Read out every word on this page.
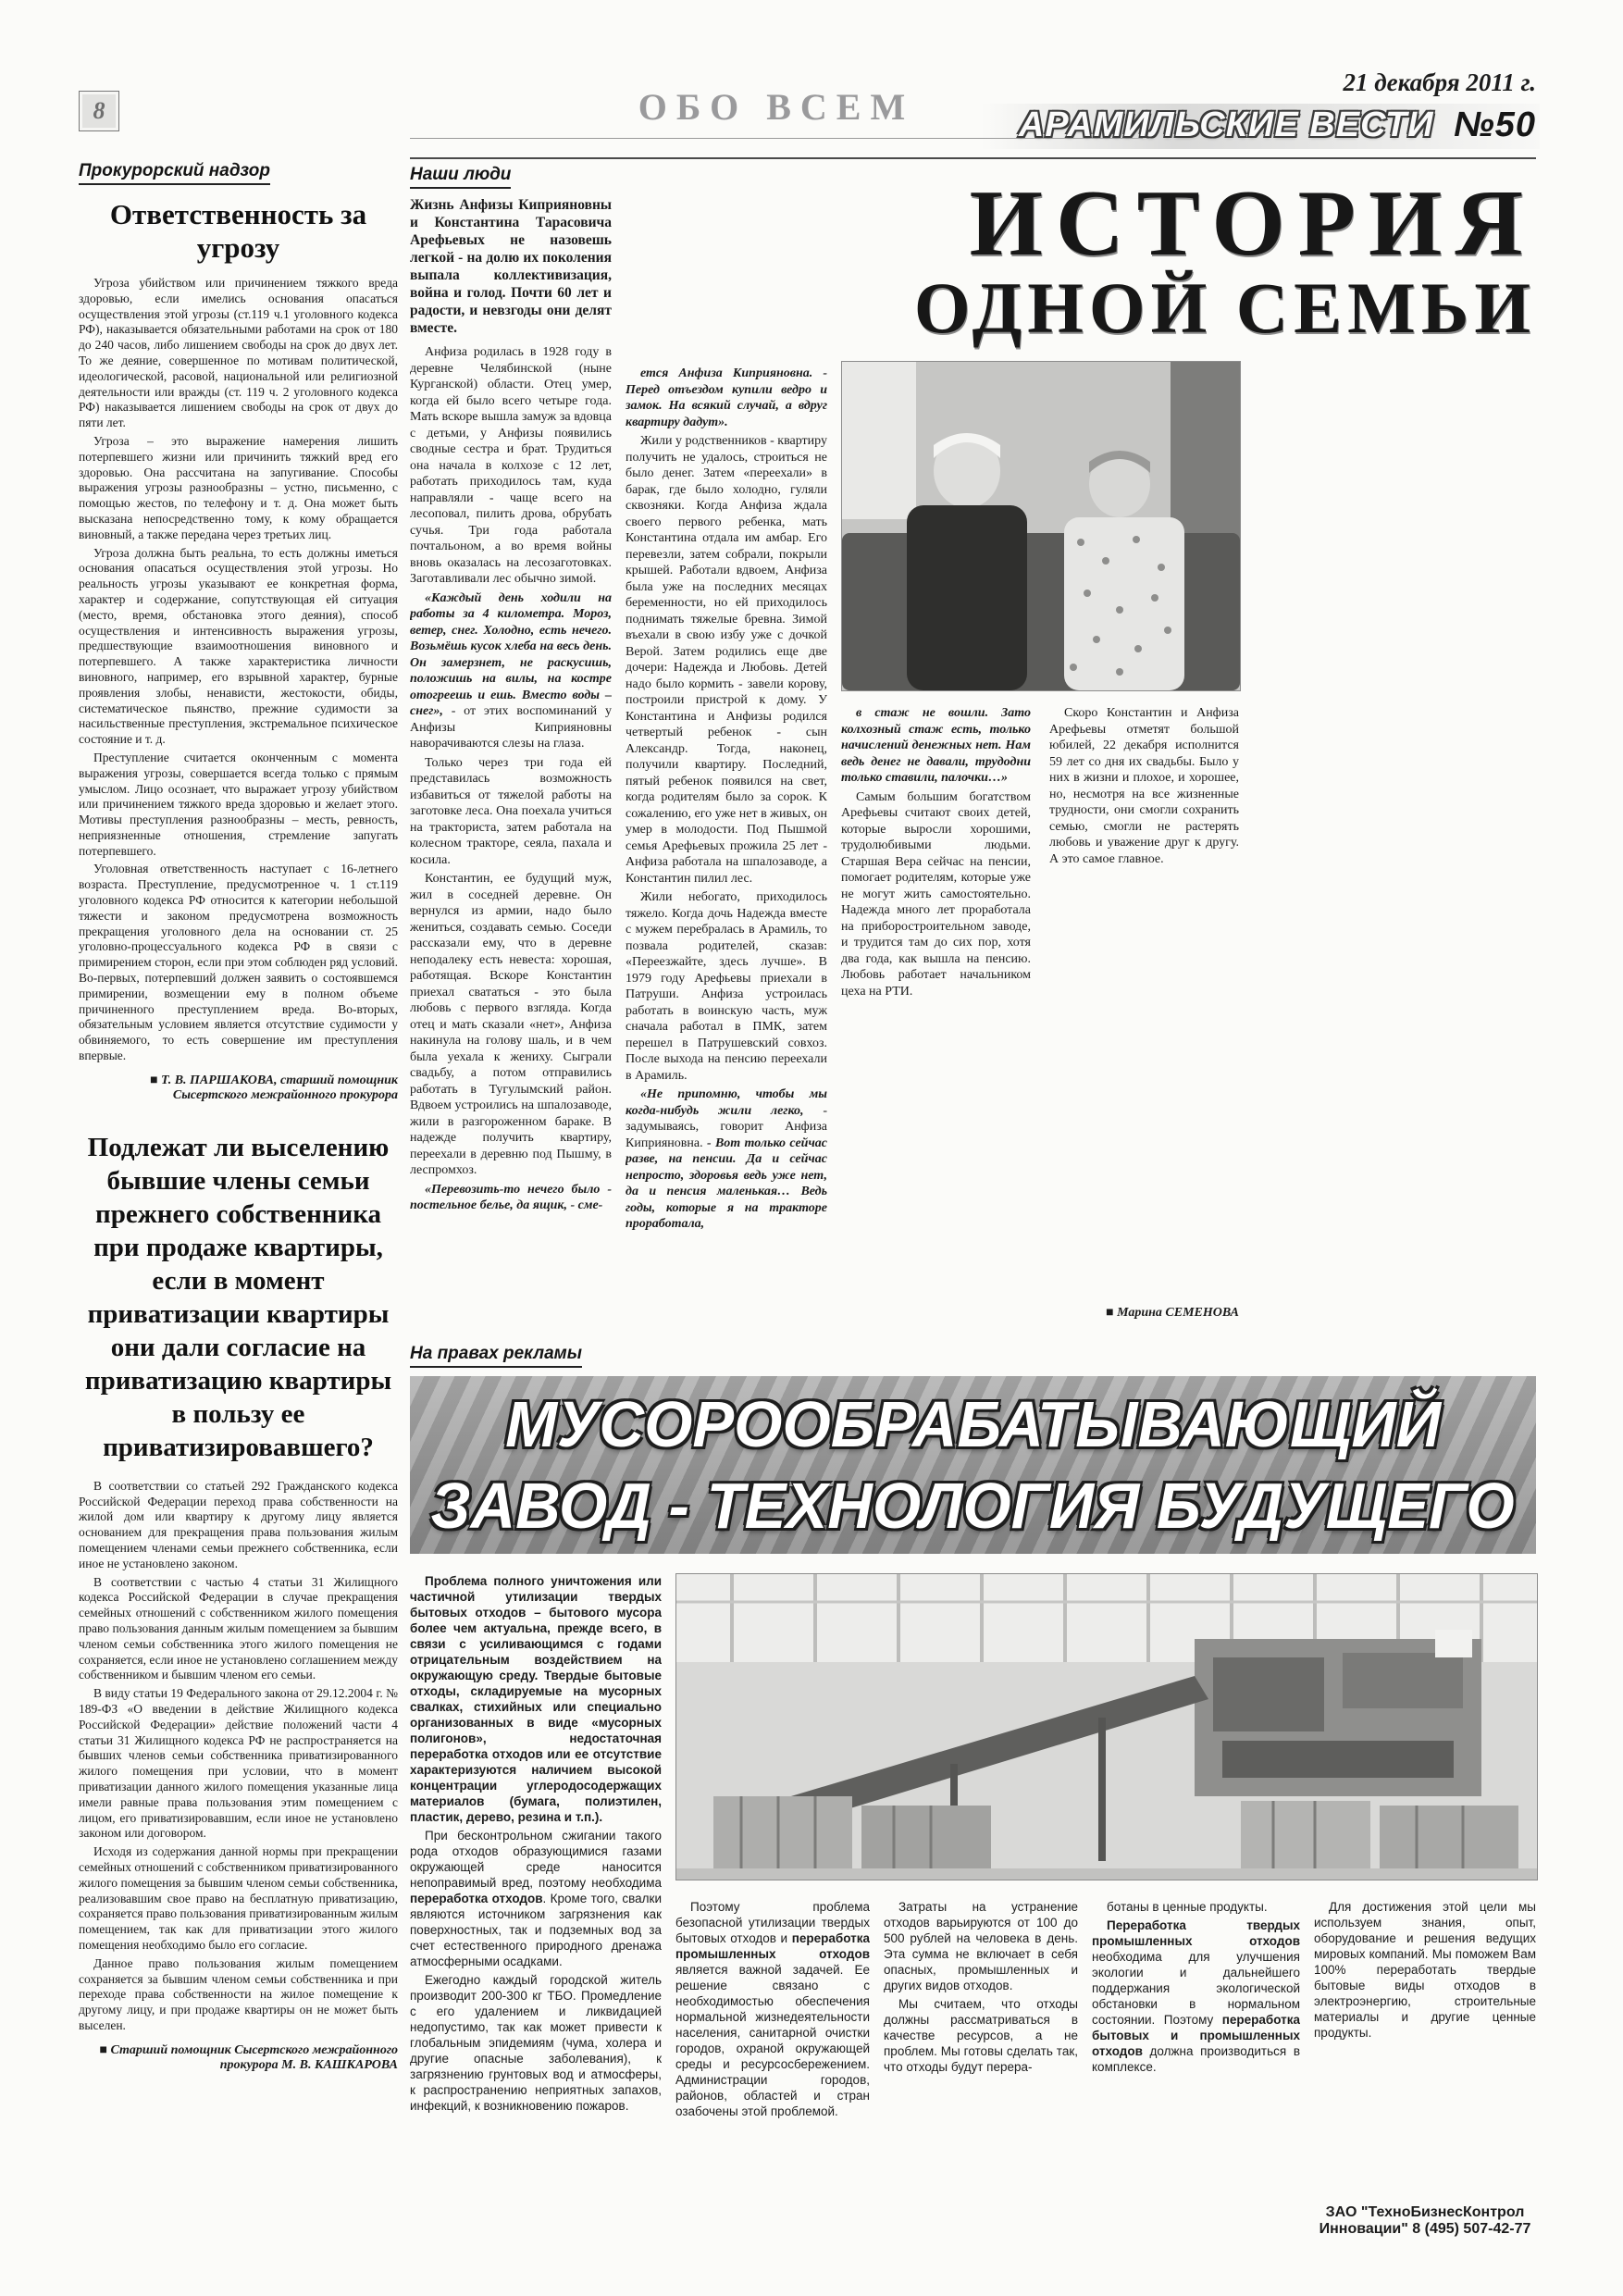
8	ОБО ВСЕМ
21 декабря 2011 г.
АРАМИЛЬСКИЕ ВЕСТИ №50
Прокурорский надзор
Ответственность за угрозу

Угроза убийством или причинением тяжкого вреда здоровью, если имелись основания опасаться осуществления этой угрозы (ст.119 ч.1 уголовного кодекса РФ), наказывается обязательными работами на срок от 180 до 240 часов, либо лишением свободы на срок до двух лет. То же деяние, совершенное по мотивам политической, идеологической, расовой, национальной или религиозной деятельности или вражды (ст. 119 ч. 2 уголовного кодекса РФ) наказывается лишением свободы на срок от двух до пяти лет.

Угроза – это выражение намерения лишить потерпевшего жизни или причинить тяжкий вред его здоровью. Она рассчитана на запугивание. Способы выражения угрозы разнообразны – устно, письменно, с помощью жестов, по телефону и т. д. Она может быть высказана непосредственно тому, к кому обращается виновный, а также передана через третьих лиц.

Угроза должна быть реальна, то есть должны иметься основания опасаться осуществления этой угрозы. Но реальность угрозы указывают ее конкретная форма, характер и содержание, сопутствующая ей ситуация (место, время, обстановка этого деяния), способ осуществления и интенсивность выражения угрозы, предшествующие взаимоотношения виновного и потерпевшего. А также характеристика личности виновного, например, его взрывной характер, бурные проявления злобы, ненависти, жестокости, обиды, систематическое пьянство, прежние судимости за насильственные преступления, экстремальное психическое состояние и т. д.

Преступление считается оконченным с момента выражения угрозы, совершается всегда только с прямым умыслом. Лицо осознает, что выражает угрозу убийством или причинением тяжкого вреда здоровью и желает этого. Мотивы преступления разнообразны – месть, ревность, неприязненные отношения, стремление запугать потерпевшего.

Уголовная ответственность наступает с 16-летнего возраста. Преступление, предусмотренное ч. 1 ст.119 уголовного кодекса РФ относится к категории небольшой тяжести и законом предусмотрена возможность прекращения уголовного дела на основании ст. 25 уголовно-процессуального кодекса РФ в связи с примирением сторон, если при этом соблюден ряд условий. Во-первых, потерпевший должен заявить о состоявшемся примирении, возмещении ему в полном объеме причиненного преступлением вреда. Во-вторых, обязательным условием является отсутствие судимости у обвиняемого, то есть совершение им преступления впервые.

■ Т. В. ПАРШАКОВА, старший помощник Сысертского межрайонного прокурора
Подлежат ли выселению бывшие члены семьи прежнего собственника при продаже квартиры, если в момент приватизации квартиры они дали согласие на приватизацию квартиры в пользу ее приватизировавшего?

В соответствии со статьей 292 Гражданского кодекса Российской Федерации переход права собственности на жилой дом или квартиру к другому лицу является основанием для прекращения права пользования жилым помещением членами семьи прежнего собственника, если иное не установлено законом.

В соответствии с частью 4 статьи 31 Жилищного кодекса Российской Федерации в случае прекращения семейных отношений с собственником жилого помещения право пользования данным жилым помещением за бывшим членом семьи собственника этого жилого помещения не сохраняется, если иное не установлено соглашением между собственником и бывшим членом его семьи.

В виду статьи 19 Федерального закона от 29.12.2004 г. № 189-ФЗ «О введении в действие Жилищного кодекса Российской Федерации» действие положений части 4 статьи 31 Жилищного кодекса РФ не распространяется на бывших членов семьи собственника приватизированного жилого помещения при условии, что в момент приватизации данного жилого помещения указанные лица имели равные права пользования этим помещением с лицом, его приватизировавшим, если иное не установлено законом или договором.

Исходя из содержания данной нормы при прекращении семейных отношений с собственником приватизированного жилого помещения за бывшим членом семьи собственника, реализовавшим свое право на бесплатную приватизацию, сохраняется право пользования приватизированным жилым помещением, так как для приватизации этого жилого помещения необходимо было его согласие.

Данное право пользования жилым помещением сохраняется за бывшим членом семьи собственника и при переходе права собственности на жилое помещение к другому лицу, и при продаже квартиры он не может быть выселен.

■ Старший помощник Сысертского межрайонного прокурора М. В. КАШКАРОВА
Наши люди	ИСТОРИЯ
ОДНОЙ СЕМЬИ

Жизнь Анфизы Киприяновны и Константина Тарасовича Арефьевых не назовешь легкой - на долю их поколения выпала коллективизация, война и голод. Почти 60 лет и радости, и невзгоды они делят вместе.

Анфиза родилась в 1928 году в деревне Челябинской (ныне Курганской) области. Отец умер, когда ей было всего четыре года. Мать вскоре вышла замуж за вдовца с детьми, у Анфизы появились сводные сестра и брат. Трудиться она начала в колхозе с 12 лет, работать приходилось там, куда направляли - чаще всего на лесоповал, пилить дрова, обрубать сучья. Три года работала почтальоном, а во время войны вновь оказалась на лесозаготовках. Заготавливали лес обычно зимой.

«Каждый день ходили на работы за 4 километра. Мороз, ветер, снег. Холодно, есть нечего. Возьмёшь кусок хлеба на весь день. Он замерзнет, не раскусишь, положишь на вилы, на костре отогреешь и ешь. Вместо воды – снег», - от этих воспоминаний у Анфизы Киприяновны наворачиваются слезы на глаза.

Только через три года ей представилась возможность избавиться от тяжелой работы на заготовке леса. Она поехала учиться на тракториста, затем работала на колесном тракторе, сеяла, пахала и косила.

Константин, ее будущий муж, жил в соседней деревне. Он вернулся из армии, надо было жениться, создавать семью. Соседи рассказали ему, что в деревне неподалеку есть невеста: хорошая, работящая. Вскоре Константин приехал свататься - это была любовь с первого взгляда. Когда отец и мать сказали «нет», Анфиза накинула на голову шаль, и в чем была уехала к жениху. Сыграли свадьбу, а потом отправились работать в Тугулымский район. Вдвоем устроились на шпалозаводе, жили в разгороженном бараке. В надежде получить квартиру, переехали в деревню под Пышму, в леспромхоз.

«Перевозить-то нечего было - постельное белье, да ящик, - сме-

ется Анфиза Киприяновна. - Перед отъездом купили ведро и замок. На всякий случай, а вдруг квартиру дадут».

Жили у родственников - квартиру получить не удалось, строиться не было денег. Затем «переехали» в барак, где было холодно, гуляли сквозняки. Когда Анфиза ждала своего первого ребенка, мать Константина отдала им амбар. Его перевезли, затем собрали, покрыли крышей. Работали вдвоем, Анфиза была уже на последних месяцах беременности, но ей приходилось поднимать тяжелые бревна. Зимой въехали в свою избу уже с дочкой Верой. Затем родились еще две дочери: Надежда и Любовь. Детей надо было кормить - завели корову, построили пристрой к дому. У Константина и Анфизы родился четвертый ребенок - сын Александр. Тогда, наконец, получили квартиру. Последний, пятый ребенок появился на свет, когда родителям было за сорок. К сожалению, его уже нет в живых, он умер в молодости. Под Пышмой семья Арефьевых прожила 25 лет - Анфиза работала на шпалозаводе, а Константин пилил лес.

Жили небогато, приходилось тяжело. Когда дочь Надежда вместе с мужем перебралась в Арамиль, то позвала родителей, сказав: «Переезжайте, здесь лучше». В 1979 году Арефьевы приехали в Патруши. Анфиза устроилась работать в воинскую часть, муж сначала работал в ПМК, затем перешел в Патрушевский совхоз. После выхода на пенсию переехали в Арамиль.

«Не припомню, чтобы мы когда-нибудь жили легко, - задумываясь, говорит Анфиза Киприяновна. - Вот только сейчас разве, на пенсии. Да и сейчас непросто, здоровья ведь уже нет, да и пенсия маленькая… Ведь годы, которые я на тракторе проработала,

в стаж не вошли. Зато колхозный стаж есть, только начислений денежных нет. Нам ведь денег не давали, трудодни только ставили, палочки…»

Самым большим богатством Арефьевы считают своих детей, которые выросли хорошими, трудолюбивыми людьми. Старшая Вера сейчас на пенсии, помогает родителям, которые уже не могут жить самостоятельно. Надежда много лет проработала на приборостроительном заводе, и трудится там до сих пор, хотя два года, как вышла на пенсию. Любовь работает начальником цеха на РТИ.

Скоро Константин и Анфиза Арефьевы отметят большой юбилей, 22 декабря исполнится 59 лет со дня их свадьбы. Было у них в жизни и плохое, и хорошее, но, несмотря на все жизненные трудности, они смогли сохранить семью, смогли не растерять любовь и уважение друг к другу. А это самое главное.

■ Марина СЕМЕНОВА
На правах рекламы
МУСОРООБРАБАТЫВАЮЩИЙ
ЗАВОД - ТЕХНОЛОГИЯ БУДУЩЕГО

Проблема полного уничтожения или частичной утилизации твердых бытовых отходов – бытового мусора более чем актуальна, прежде всего, в связи с усиливающимся с годами отрицательным воздействием на окружающую среду. Твердые бытовые отходы, складируемые на мусорных свалках, стихийных или специально организованных в виде «мусорных полигонов», недостаточная переработка отходов или ее отсутствие характеризуются наличием высокой концентрации углеродосодержащих материалов (бумага, полиэтилен, пластик, дерево, резина и т.п.).

При бесконтрольном сжигании такого рода отходов образующимися газами окружающей среде наносится непоправимый вред, поэтому необходима переработка отходов. Кроме того, свалки являются источником загрязнения как поверхностных, так и подземных вод за счет естественного природного дренажа атмосферными осадками.

Ежегодно каждый городской житель производит 200-300 кг ТБО. Промедление с его удалением и ликвидацией недопустимо, так как может привести к глобальным эпидемиям (чума, холера и другие опасные заболевания), к загрязнению грунтовых вод и атмосферы, к распространению неприятных запахов, инфекций, к возникновению пожаров.

Поэтому проблема безопасной утилизации твердых бытовых отходов и переработка промышленных отходов является важной задачей. Ее решение связано с необходимостью обеспечения нормальной жизнедеятельности населения, санитарной очистки городов, охраной окружающей среды и ресурсосбережением. Администрации городов, районов, областей и стран озабочены этой проблемой.

Затраты на устранение отходов варьируются от 100 до 500 рублей на человека в день. Эта сумма не включает в себя опасных, промышленных и других видов отходов.

Мы считаем, что отходы должны рассматриваться в качестве ресурсов, а не проблем. Мы готовы сделать так, что отходы будут перера-

ботаны в ценные продукты.

Переработка твердых промышленных отходов необходима для улучшения экологии и дальнейшего поддержания экологической обстановки в нормальном состоянии. Поэтому переработка бытовых и промышленных отходов должна производиться в комплексе.

Для достижения этой цели мы используем знания, опыт, оборудование и решения ведущих мировых компаний. Мы поможем Вам 100% переработать твердые бытовые виды отходов в электроэнергию, строительные материалы и другие ценные продукты.

ЗАО "ТехноБизнесКонтрол Инновации" 8 (495) 507-42-77
